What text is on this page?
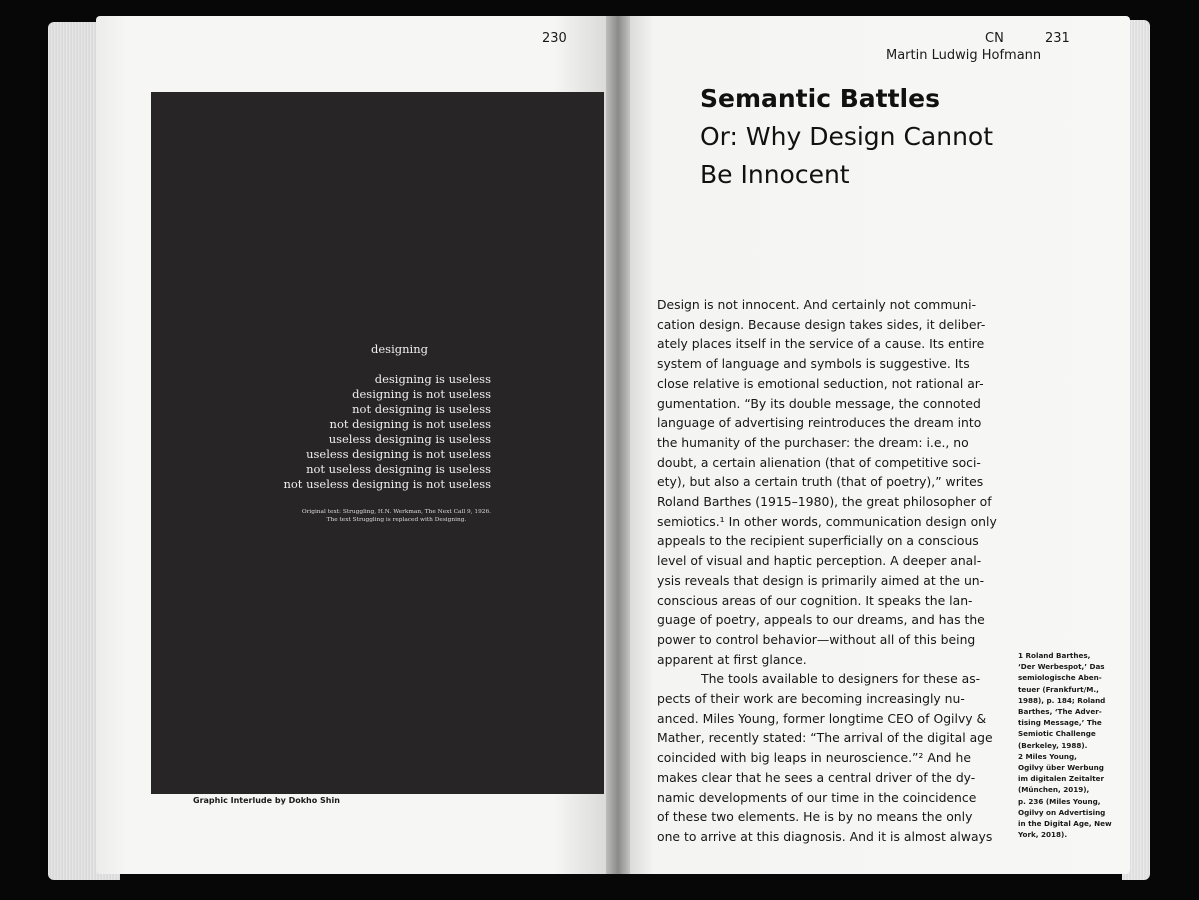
230
designing
designing is useless
designing is not useless
not designing is useless
not designing is not useless
useless designing is useless
useless designing is not useless
not useless designing is useless
not useless designing is not useless
Original text: Struggling, H.N. Werkman, The Next Call 9, 1926.
The text Struggling is replaced with Designing.
Graphic Interlude by Dokho Shin
CN	231
Martin Ludwig Hofmann
Semantic Battles
Or: Why Design Cannot
Be Innocent
Design is not innocent. And certainly not communi-
cation design. Because design takes sides, it deliber-
ately places itself in the service of a cause. Its entire
system of language and symbols is suggestive. Its
close relative is emotional seduction, not rational ar-
gumentation. “By its double message, the connoted
language of advertising reintroduces the dream into
the humanity of the purchaser: the dream: i.e., no
doubt, a certain alienation (that of competitive soci-
ety), but also a certain truth (that of poetry),” writes
Roland Barthes (1915–1980), the great philosopher of
semiotics.¹ In other words, communication design only
appeals to the recipient superficially on a conscious
level of visual and haptic perception. A deeper anal-
ysis reveals that design is primarily aimed at the un-
conscious areas of our cognition. It speaks the lan-
guage of poetry, appeals to our dreams, and has the
power to control behavior—without all of this being
apparent at first glance.
The tools available to designers for these as-
pects of their work are becoming increasingly nu-
anced. Miles Young, former longtime CEO of Ogilvy &
Mather, recently stated: “The arrival of the digital age
coincided with big leaps in neuroscience.”² And he
makes clear that he sees a central driver of the dy-
namic developments of our time in the coincidence
of these two elements. He is by no means the only
one to arrive at this diagnosis. And it is almost always
1 Roland Barthes,
‘Der Werbespot,’ Das
semiologische Aben-
teuer (Frankfurt/M.,
1988), p. 184; Roland
Barthes, ‘The Adver-
tising Message,’ The
Semiotic Challenge
(Berkeley, 1988).
2 Miles Young,
Ogilvy über Werbung
im digitalen Zeitalter
(München, 2019),
p. 236 (Miles Young,
Ogilvy on Advertising
in the Digital Age, New
York, 2018).
